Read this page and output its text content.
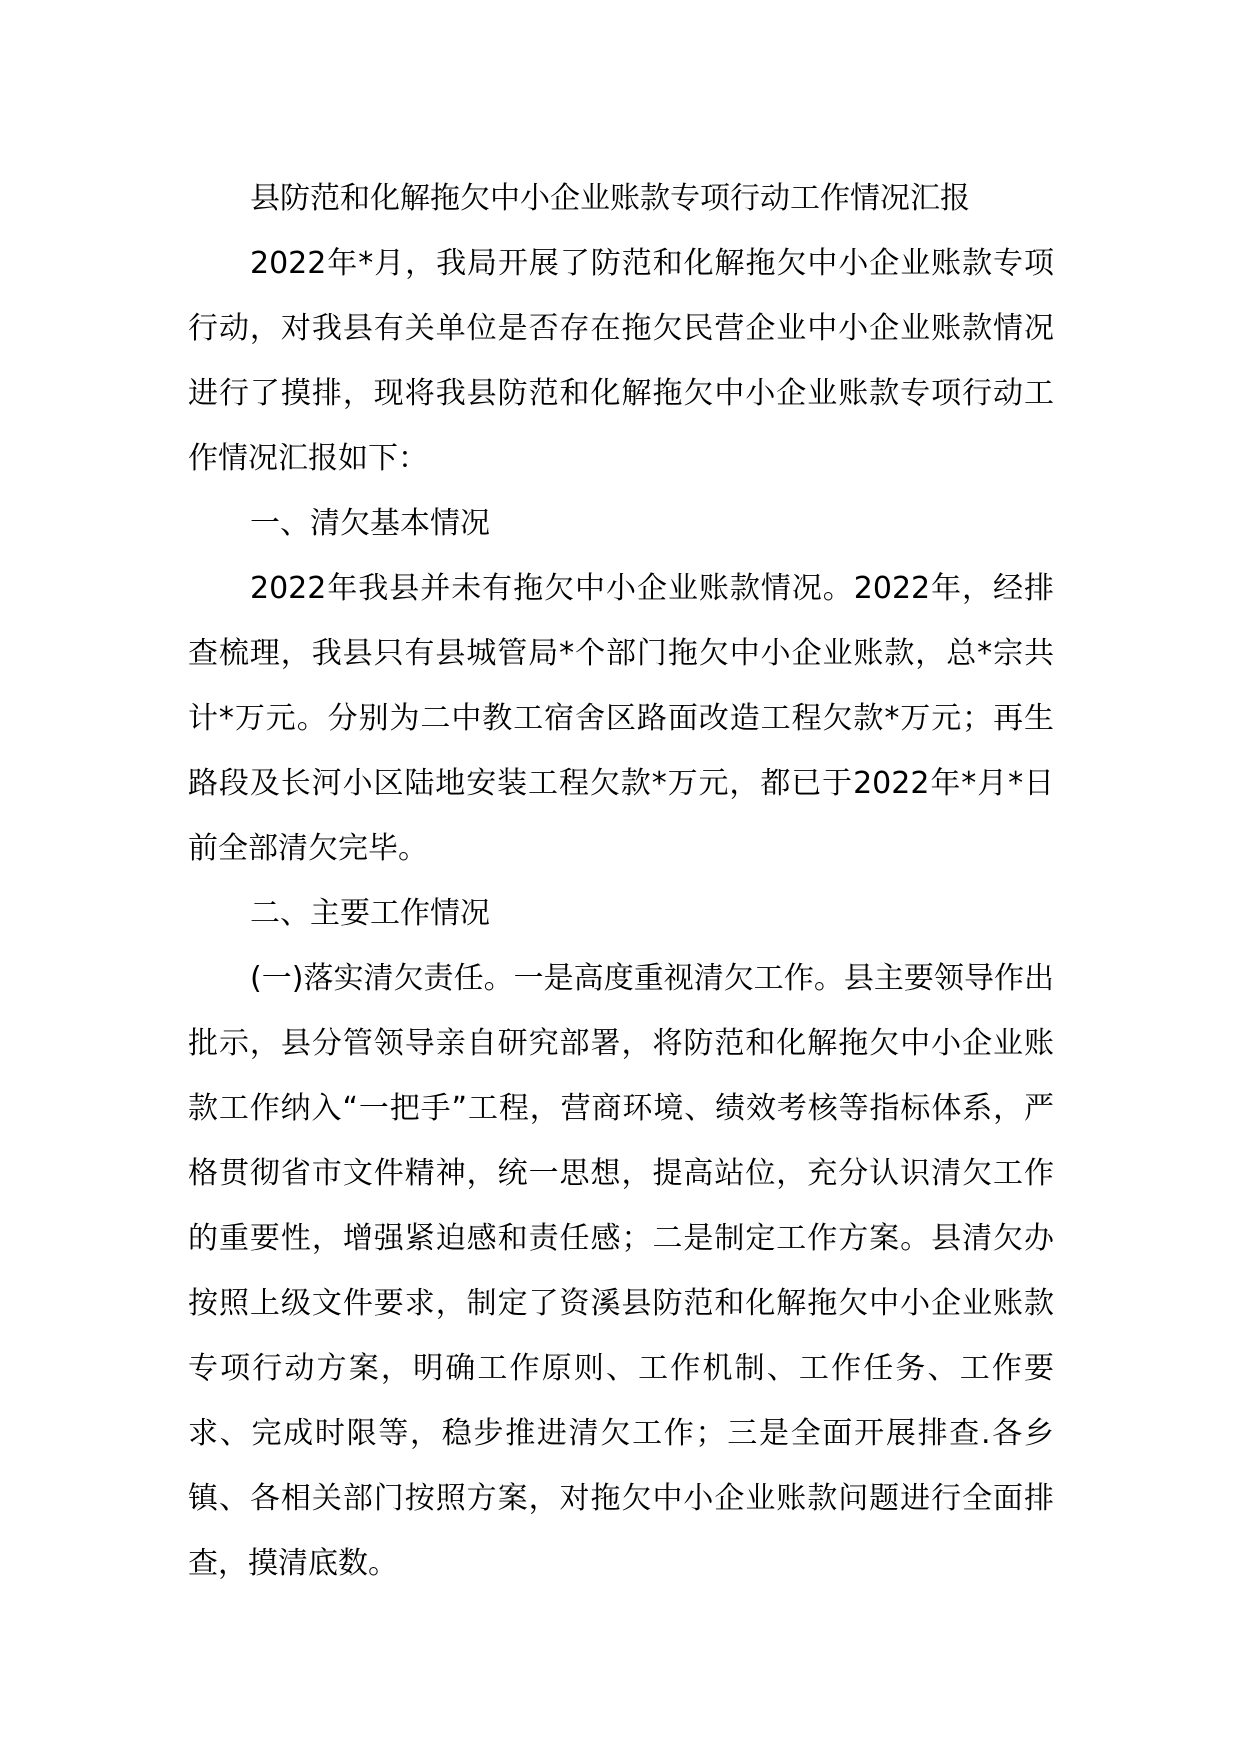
县防范和化解拖欠中小企业账款专项行动工作情况汇报

2022年*月，我局开展了防范和化解拖欠中小企业账款专项行动，对我县有关单位是否存在拖欠民营企业中小企业账款情况进行了摸排，现将我县防范和化解拖欠中小企业账款专项行动工作情况汇报如下：

一、清欠基本情况

2022年我县并未有拖欠中小企业账款情况。2022年，经排查梳理，我县只有县城管局*个部门拖欠中小企业账款，总*宗共计*万元。分别为二中教工宿舍区路面改造工程欠款*万元；再生路段及长河小区陆地安装工程欠款*万元，都已于2022年*月*日前全部清欠完毕。

二、主要工作情况

(一)落实清欠责任。一是高度重视清欠工作。县主要领导作出批示，县分管领导亲自研究部署，将防范和化解拖欠中小企业账款工作纳入“一把手”工程，营商环境、绩效考核等指标体系，严格贯彻省市文件精神，统一思想，提高站位，充分认识清欠工作的重要性，增强紧迫感和责任感；二是制定工作方案。县清欠办按照上级文件要求，制定了资溪县防范和化解拖欠中小企业账款专项行动方案，明确工作原则、工作机制、工作任务、工作要求、完成时限等，稳步推进清欠工作；三是全面开展排查.各乡镇、各相关部门按照方案，对拖欠中小企业账款问题进行全面排查，摸清底数。
